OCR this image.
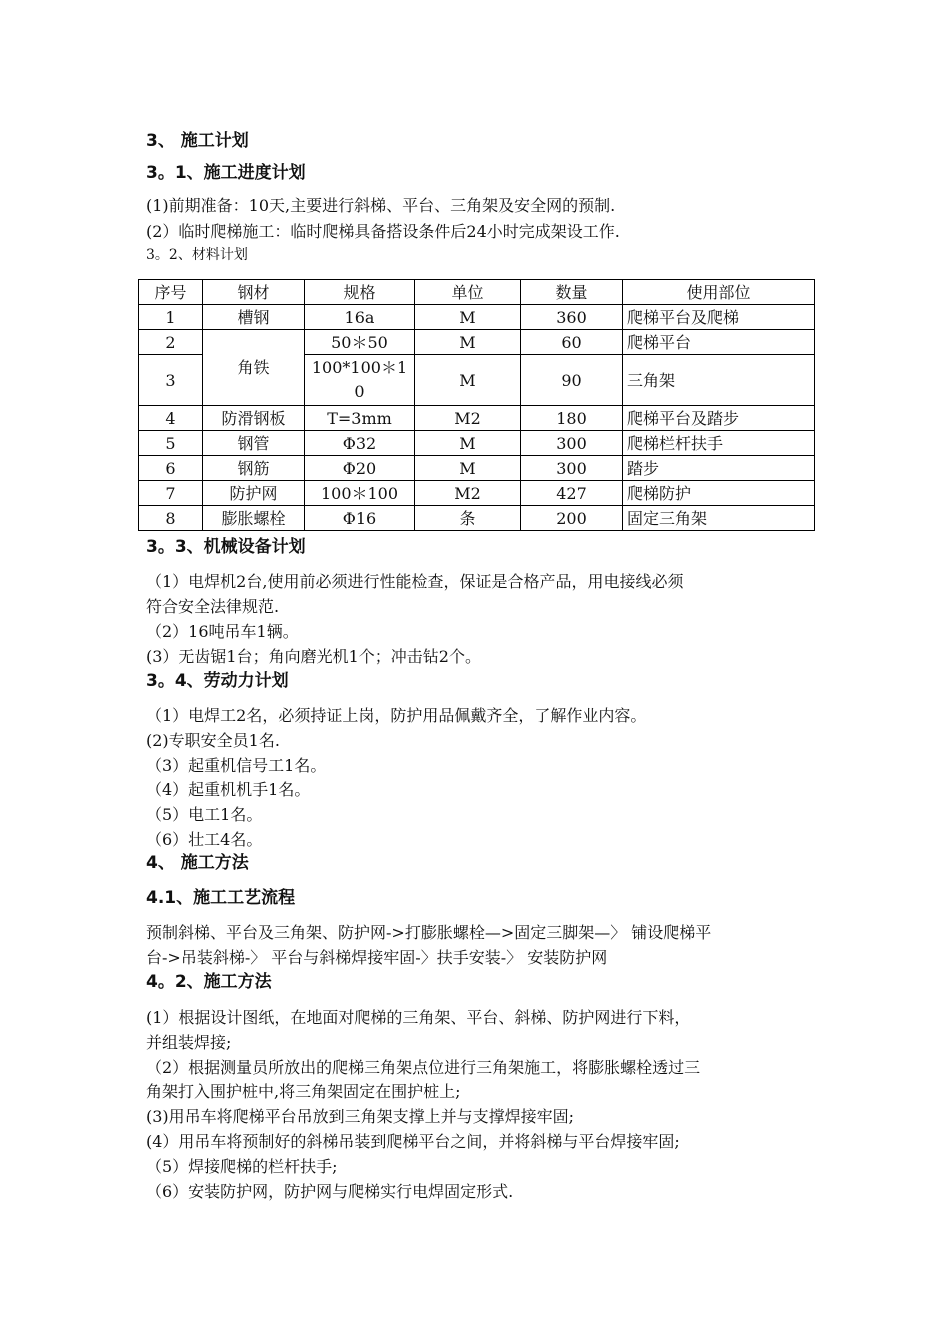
3、 施工计划
3。1、施工进度计划
(1)前期准备：10天,主要进行斜梯、平台、三角架及安全网的预制.
(2）临时爬梯施工：临时爬梯具备搭设条件后24小时完成架设工作.
3。2、材料计划
序号	钢材	规格	单位	数量	使用部位
1	槽钢	16a	M	360	爬梯平台及爬梯
2	角铁	50＊50	M	60	爬梯平台
3		100*100＊10	M	90	三角架
4	防滑钢板	T=3mm	M2	180	爬梯平台及踏步
5	钢管	Φ32	M	300	爬梯栏杆扶手
6	钢筋	Φ20	M	300	踏步
7	防护网	100＊100	M2	427	爬梯防护
8	膨胀螺栓	Φ16	条	200	固定三角架
3。3、机械设备计划
（1）电焊机2台,使用前必须进行性能检查，保证是合格产品，用电接线必须
符合安全法律规范.
（2）16吨吊车1辆。
(3）无齿锯1台；角向磨光机1个；冲击钻2个。
3。4、劳动力计划
（1）电焊工2名，必须持证上岗，防护用品佩戴齐全，了解作业内容。
(2)专职安全员1名.
（3）起重机信号工1名。
（4）起重机机手1名。
（5）电工1名。
（6）壮工4名。
4、 施工方法
4.1、施工工艺流程
预制斜梯、平台及三角架、防护网->打膨胀螺栓—>固定三脚架—〉 铺设爬梯平
台->吊装斜梯-〉 平台与斜梯焊接牢固-〉扶手安装-〉 安装防护网
4。2、施工方法
(1）根据设计图纸，在地面对爬梯的三角架、平台、斜梯、防护网进行下料，
并组装焊接;
（2）根据测量员所放出的爬梯三角架点位进行三角架施工，将膨胀螺栓透过三
角架打入围护桩中,将三角架固定在围护桩上;
(3)用吊车将爬梯平台吊放到三角架支撑上并与支撑焊接牢固;
(4）用吊车将预制好的斜梯吊装到爬梯平台之间，并将斜梯与平台焊接牢固;
（5）焊接爬梯的栏杆扶手;
（6）安装防护网，防护网与爬梯实行电焊固定形式.
